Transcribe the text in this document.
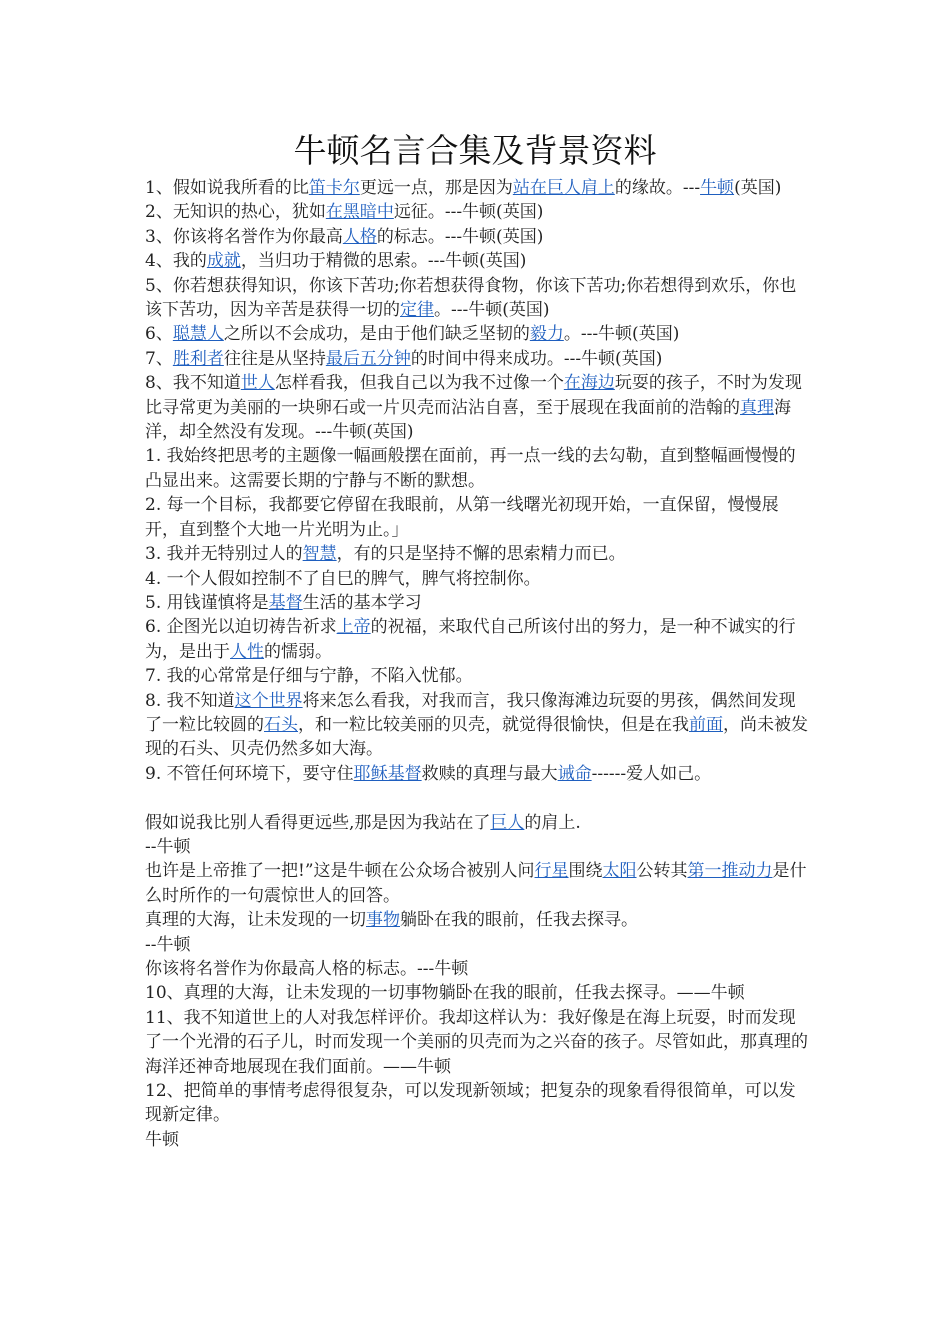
牛顿名言合集及背景资料
1、假如说我所看的比笛卡尔更远一点，那是因为站在巨人肩上的缘故。---牛顿(英国)
2、无知识的热心，犹如在黑暗中远征。---牛顿(英国)
3、你该将名誉作为你最高人格的标志。---牛顿(英国)
4、我的成就，当归功于精微的思索。---牛顿(英国)
5、你若想获得知识，你该下苦功;你若想获得食物，你该下苦功;你若想得到欢乐，你也该下苦功，因为辛苦是获得一切的定律。---牛顿(英国)
6、聪慧人之所以不会成功，是由于他们缺乏坚韧的毅力。---牛顿(英国)
7、胜利者往往是从坚持最后五分钟的时间中得来成功。---牛顿(英国)
8、我不知道世人怎样看我，但我自己以为我不过像一个在海边玩耍的孩子，不时为发现比寻常更为美丽的一块卵石或一片贝壳而沾沾自喜，至于展现在我面前的浩翰的真理海洋，却全然没有发现。---牛顿(英国)
1. 我始终把思考的主题像一幅画般摆在面前，再一点一线的去勾勒，直到整幅画慢慢的凸显出来。这需要长期的宁静与不断的默想。
2. 每一个目标，我都要它停留在我眼前，从第一线曙光初现开始，一直保留，慢慢展开，直到整个大地一片光明为止。」
3. 我并无特别过人的智慧，有的只是坚持不懈的思索精力而已。
4. 一个人假如控制不了自巳的脾气，脾气将控制你。
5. 用钱谨慎将是基督生活的基本学习
6. 企图光以迫切祷告祈求上帝的祝福，来取代自己所该付出的努力，是一种不诚实的行为，是出于人性的懦弱。
7. 我的心常常是仔细与宁静，不陷入忧郁。
8. 我不知道这个世界将来怎么看我，对我而言，我只像海滩边玩耍的男孩，偶然间发现了一粒比较圆的石头，和一粒比较美丽的贝壳，就觉得很愉快，但是在我前面，尚未被发现的石头、贝壳仍然多如大海。
9. 不管任何环境下，要守住耶稣基督救赎的真理与最大诫命------爱人如己。
假如说我比别人看得更远些,那是因为我站在了巨人的肩上.
--牛顿
也许是上帝推了一把!”这是牛顿在公众场合被别人问行星围绕太阳公转其第一推动力是什么时所作的一句震惊世人的回答。
真理的大海，让未发现的一切事物躺卧在我的眼前，任我去探寻。
--牛顿
你该将名誉作为你最高人格的标志。---牛顿
10、真理的大海，让未发现的一切事物躺卧在我的眼前，任我去探寻。——牛顿
11、我不知道世上的人对我怎样评价。我却这样认为：我好像是在海上玩耍，时而发现了一个光滑的石子儿，时而发现一个美丽的贝壳而为之兴奋的孩子。尽管如此，那真理的海洋还神奇地展现在我们面前。——牛顿
12、把简单的事情考虑得很复杂，可以发现新领域；把复杂的现象看得很简单，可以发现新定律。
牛顿
